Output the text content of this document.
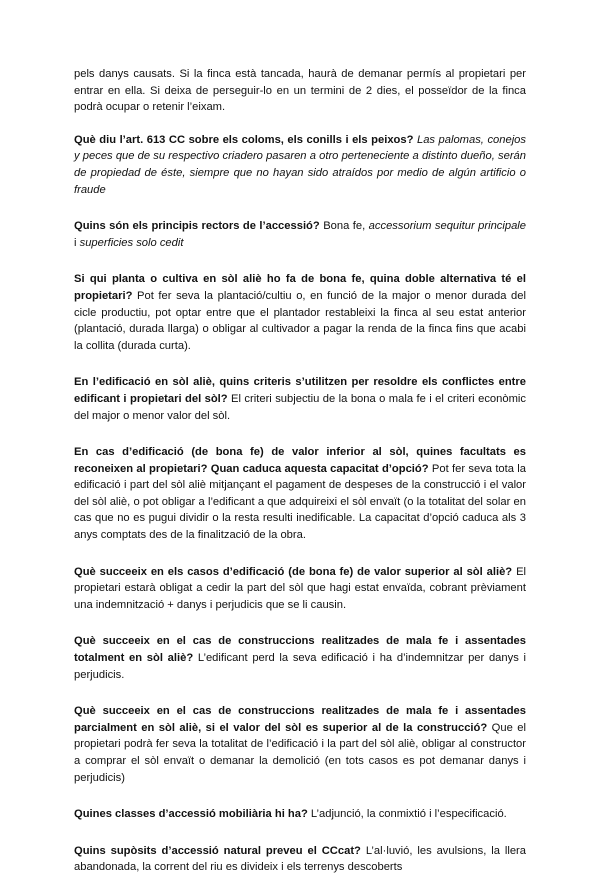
pels danys causats. Si la finca està tancada, haurà de demanar permís al propietari per entrar en ella. Si deixa de perseguir-lo en un termini de 2 dies, el posseïdor de la finca podrà ocupar o retenir l’eixam.

Què diu l’art. 613 CC sobre els coloms, els conills i els peixos? Las palomas, conejos y peces que de su respectivo criadero pasaren a otro perteneciente a distinto dueño, serán de propiedad de éste, siempre que no hayan sido atraídos por medio de algún artificio o fraude

Quins són els principis rectors de l’accessió? Bona fe, accessorium sequitur principale i superficies solo cedit

Si qui planta o cultiva en sòl aliè ho fa de bona fe, quina doble alternativa té el propietari? Pot fer seva la plantació/cultiu o, en funció de la major o menor durada del cicle productiu, pot optar entre que el plantador restableixi la finca al seu estat anterior (plantació, durada llarga) o obligar al cultivador a pagar la renda de la finca fins que acabi la collita (durada curta).

En l’edificació en sòl aliè, quins criteris s’utilitzen per resoldre els conflictes entre edificant i propietari del sòl? El criteri subjectiu de la bona o mala fe i el criteri econòmic del major o menor valor del sòl.

En cas d’edificació (de bona fe) de valor inferior al sòl, quines facultats es reconeixen al propietari? Quan caduca aquesta capacitat d’opció? Pot fer seva tota la edificació i part del sòl aliè mitjançant el pagament de despeses de la construcció i el valor del sòl aliè, o pot obligar a l’edificant a que adquireixi el sòl envaït (o la totalitat del solar en cas que no es pugui dividir o la resta resulti inedificable. La capacitat d’opció caduca als 3 anys comptats des de la finalització de la obra.

Què succeeix en els casos d’edificació (de bona fe) de valor superior al sòl aliè? El propietari estarà obligat a cedir la part del sòl que hagi estat envaïda, cobrant prèviament una indemnització + danys i perjudicis que se li causin.

Què succeeix en el cas de construccions realitzades de mala fe i assentades totalment en sòl aliè? L’edificant perd la seva edificació i ha d’indemnitzar per danys i perjudicis.

Què succeeix en el cas de construccions realitzades de mala fe i assentades parcialment en sòl aliè, si el valor del sòl es superior al de la construcció? Que el propietari podrà fer seva la totalitat de l’edificació i la part del sòl aliè, obligar al constructor a comprar el sòl envaït o demanar la demolició (en tots casos es pot demanar danys i perjudicis)

Quines classes d’accessió mobiliària hi ha? L’adjunció, la conmixtió i l’especificació.

Quins supòsits d’accessió natural preveu el CCcat? L’al·luvió, les avulsions, la llera abandonada, la corrent del riu es divideix i els terrenys descoberts
